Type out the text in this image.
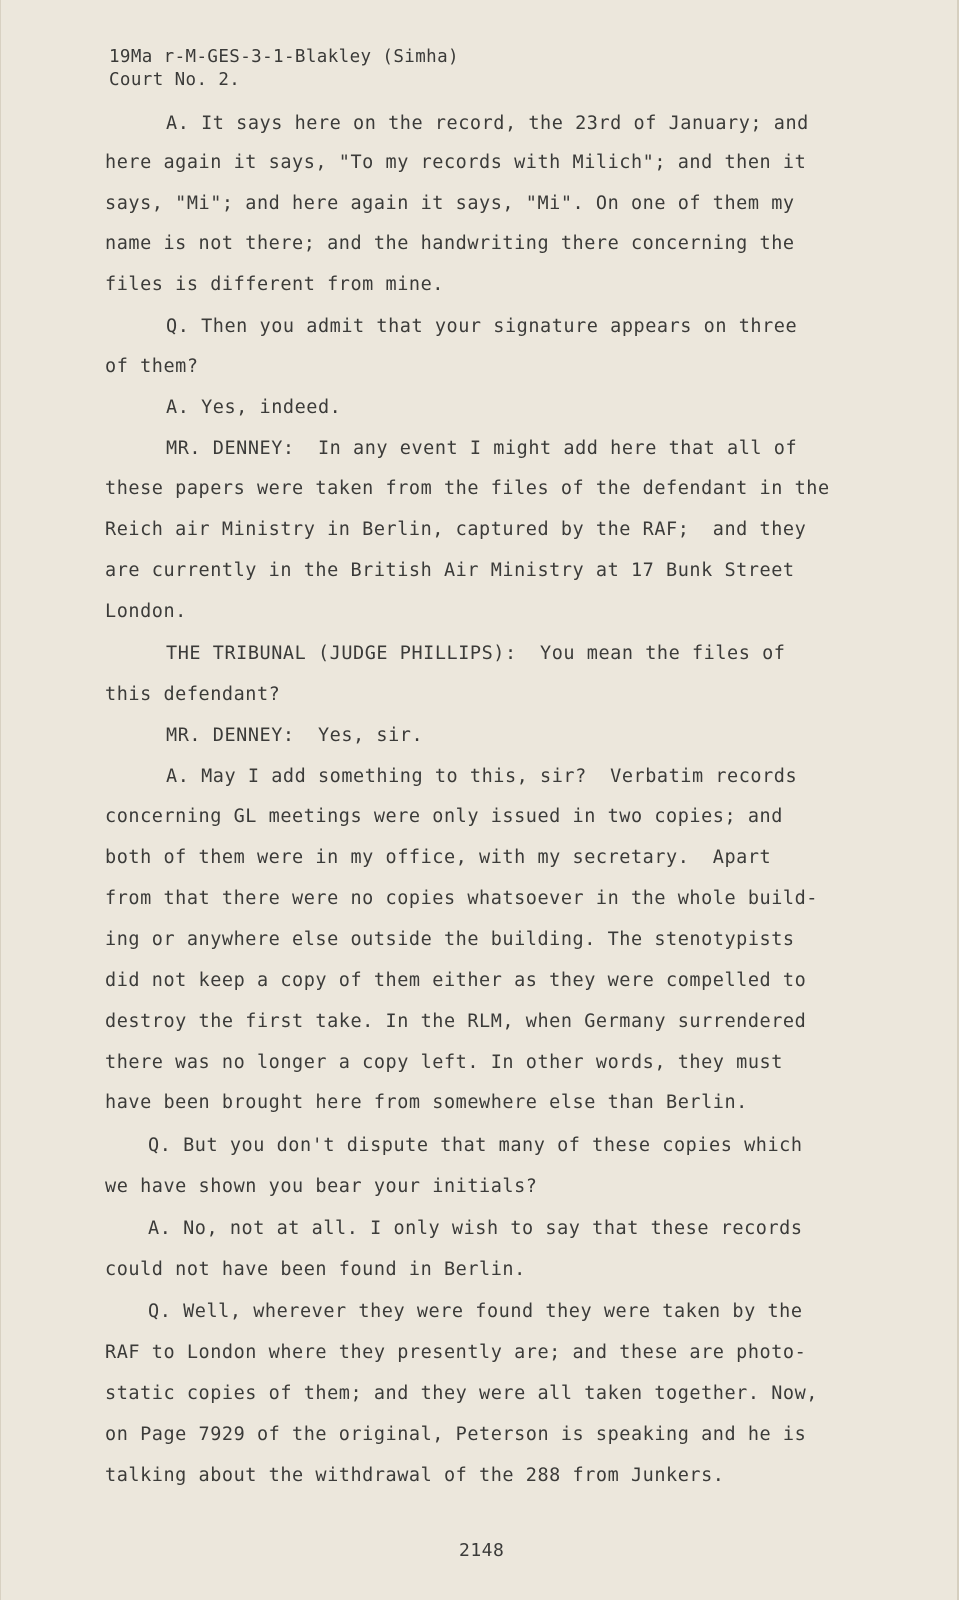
19Ma r-M-GES-3-1-Blakley (Simha)
Court No. 2.
A. It says here on the record, the 23rd of January; and
here again it says, "To my records with Milich"; and then it
says, "Mi"; and here again it says, "Mi". On one of them my
name is not there; and the handwriting there concerning the
files is different from mine.
Q. Then you admit that your signature appears on three
of them?
A. Yes, indeed.
MR. DENNEY:  In any event I might add here that all of
these papers were taken from the files of the defendant in the
Reich air Ministry in Berlin, captured by the RAF;  and they
are currently in the British Air Ministry at 17 Bunk Street
London.
THE TRIBUNAL (JUDGE PHILLIPS):  You mean the files of
this defendant?
MR. DENNEY:  Yes, sir.
A. May I add something to this, sir?  Verbatim records
concerning GL meetings were only issued in two copies; and
both of them were in my office, with my secretary.  Apart
from that there were no copies whatsoever in the whole build-
ing or anywhere else outside the building. The stenotypists
did not keep a copy of them either as they were compelled to
destroy the first take. In the RLM, when Germany surrendered
there was no longer a copy left. In other words, they must
have been brought here from somewhere else than Berlin.
Q. But you don't dispute that many of these copies which
we have shown you bear your initials?
A. No, not at all. I only wish to say that these records
could not have been found in Berlin.
Q. Well, wherever they were found they were taken by the
RAF to London where they presently are; and these are photo-
static copies of them; and they were all taken together. Now,
on Page 7929 of the original, Peterson is speaking and he is
talking about the withdrawal of the 288 from Junkers.
2148
